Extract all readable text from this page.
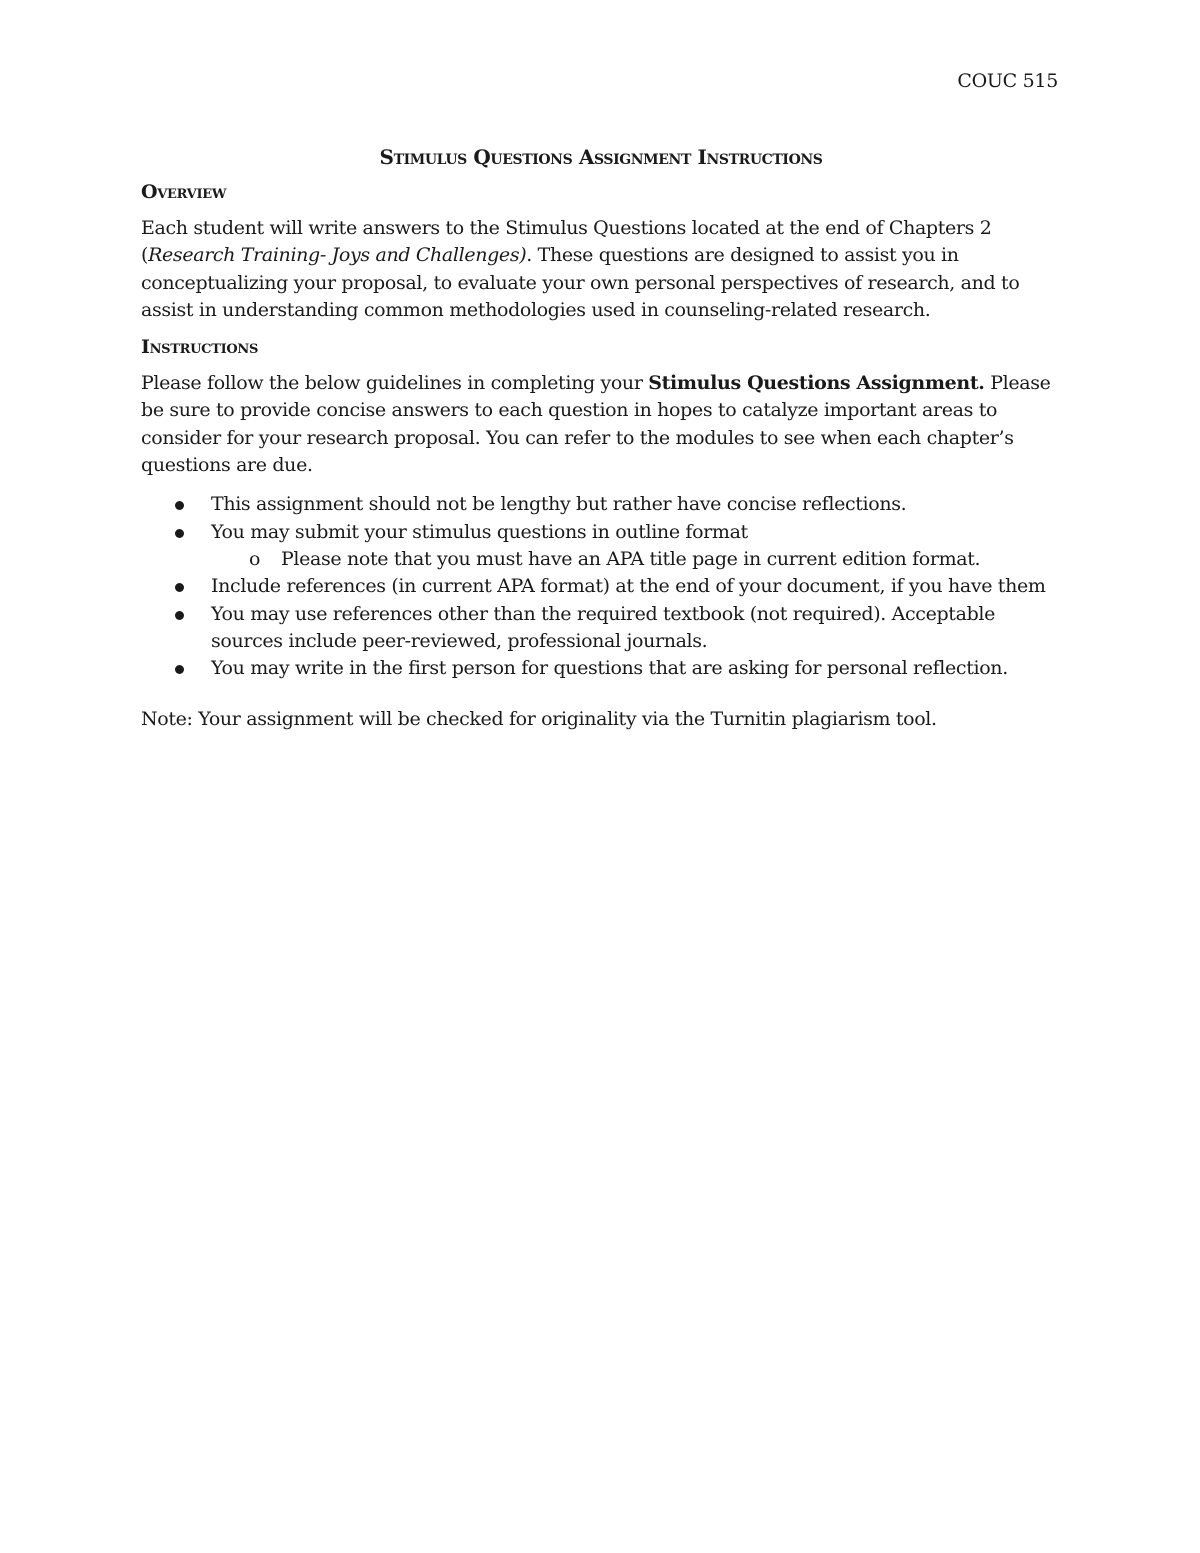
COUC 515
Stimulus Questions Assignment Instructions
Overview

Each student will write answers to the Stimulus Questions located at the end of Chapters 2 (Research Training- Joys and Challenges). These questions are designed to assist you in conceptualizing your proposal, to evaluate your own personal perspectives of research, and to assist in understanding common methodologies used in counseling-related research.

Instructions

Please follow the below guidelines in completing your Stimulus Questions Assignment. Please be sure to provide concise answers to each question in hopes to catalyze important areas to consider for your research proposal. You can refer to the modules to see when each chapter’s questions are due.

This assignment should not be lengthy but rather have concise reflections.
You may submit your stimulus questions in outline format
o Please note that you must have an APA title page in current edition format.
Include references (in current APA format) at the end of your document, if you have them
You may use references other than the required textbook (not required). Acceptable sources include peer-reviewed, professional journals.
You may write in the first person for questions that are asking for personal reflection.

Note: Your assignment will be checked for originality via the Turnitin plagiarism tool.
